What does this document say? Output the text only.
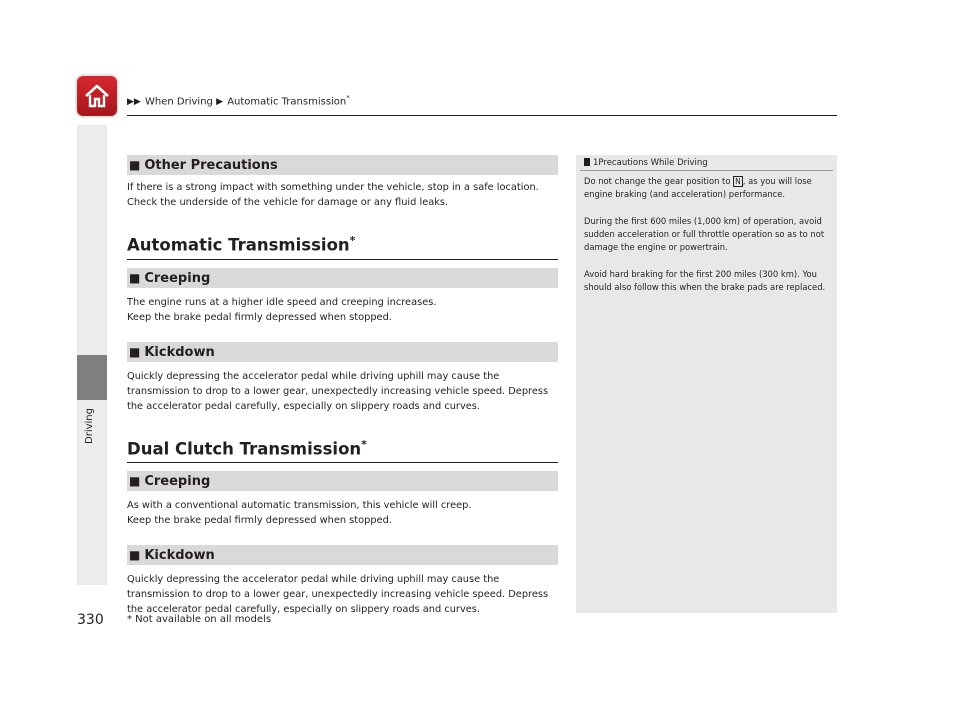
▶▶ When Driving ▶ Automatic Transmission*
Driving
■ Other Precautions

If there is a strong impact with something under the vehicle, stop in a safe location. Check the underside of the vehicle for damage or any fluid leaks.

Automatic Transmission*
■ Creeping

The engine runs at a higher idle speed and creeping increases.

Keep the brake pedal firmly depressed when stopped.

■ Kickdown

Quickly depressing the accelerator pedal while driving uphill may cause the transmission to drop to a lower gear, unexpectedly increasing vehicle speed. Depress the accelerator pedal carefully, especially on slippery roads and curves.

Dual Clutch Transmission*
■ Creeping

As with a conventional automatic transmission, this vehicle will creep.

Keep the brake pedal firmly depressed when stopped.

■ Kickdown

Quickly depressing the accelerator pedal while driving uphill may cause the transmission to drop to a lower gear, unexpectedly increasing vehicle speed. Depress the accelerator pedal carefully, especially on slippery roads and curves.

1Precautions While Driving

Do not change the gear position to N , as you will lose engine braking (and acceleration) performance.

During the first 600 miles (1,000 km) of operation, avoid sudden acceleration or full throttle operation so as to not damage the engine or powertrain.

Avoid hard braking for the first 200 miles (300 km). You should also follow this when the brake pads are replaced.

330 * Not available on all models
